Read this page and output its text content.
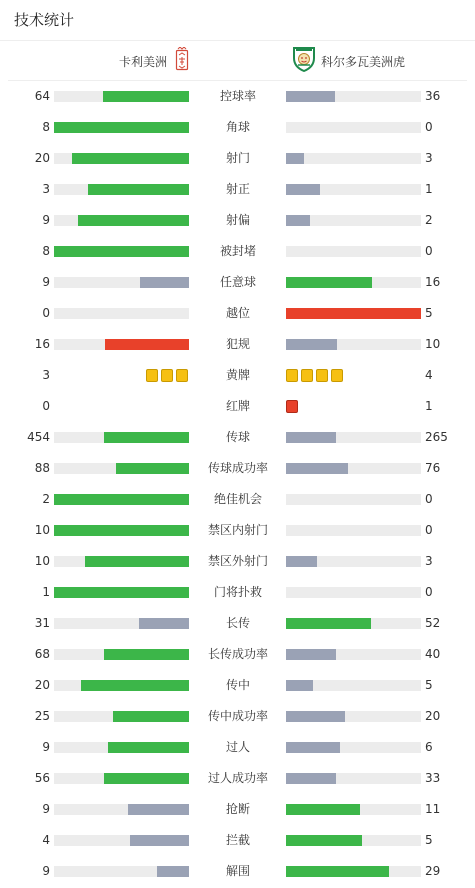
技术统计
卡利美洲	科尔多瓦美洲虎
64	控球率	36
8	角球	0
20	射门	3
3	射正	1
9	射偏	2
8	被封堵	0
9	任意球	16
0	越位	5
16	犯规	10
3	黄牌	4
0	红牌	1
454	传球	265
88	传球成功率	76
2	绝佳机会	0
10	禁区内射门	0
10	禁区外射门	3
1	门将扑救	0
31	长传	52
68	长传成功率	40
20	传中	5
25	传中成功率	20
9	过人	6
56	过人成功率	33
9	抢断	11
4	拦截	5
9	解围	29
